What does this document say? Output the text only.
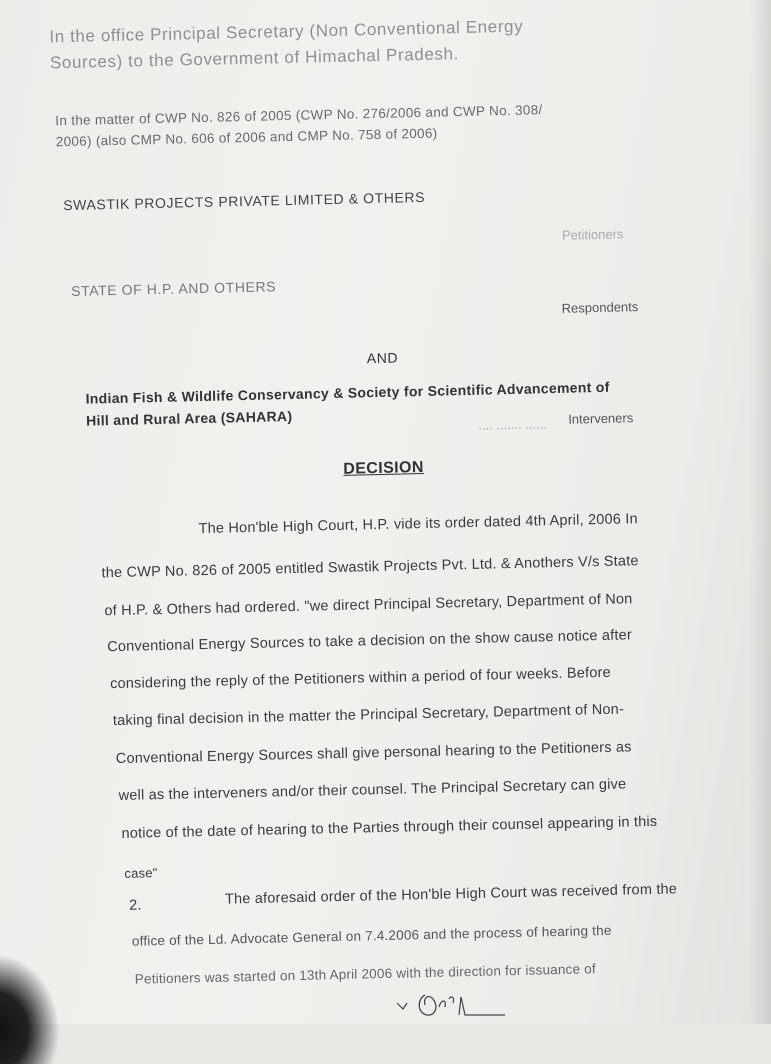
In the office Principal Secretary (Non Conventional Energy
Sources) to the Government of Himachal Pradesh.
In the matter of CWP No. 826 of 2005 (CWP No. 276/2006 and CWP No. 308/
2006) (also CMP No. 606 of 2006 and CMP No. 758 of 2006)
SWASTIK PROJECTS PRIVATE LIMITED & OTHERS
Petitioners
STATE OF H.P. AND OTHERS
Respondents
AND
Indian Fish & Wildlife Conservancy & Society for Scientific Advancement of
Hill and Rural Area (SAHARA)	.... ....... ...... Interveners
DECISION
The Hon'ble High Court, H.P. vide its order dated 4th April, 2006 In
the CWP No. 826 of 2005 entitled Swastik Projects Pvt. Ltd. & Anothers V/s State
of H.P. & Others had ordered. "we direct Principal Secretary, Department of Non
Conventional Energy Sources to take a decision on the show cause notice after
considering the reply of the Petitioners within a period of four weeks. Before
taking final decision in the matter the Principal Secretary, Department of Non-
Conventional Energy Sources shall give personal hearing to the Petitioners as
well as the interveners and/or their counsel. The Principal Secretary can give
notice of the date of hearing to the Parties through their counsel appearing in this
case"
2.	The aforesaid order of the Hon'ble High Court was received from the
office of the Ld. Advocate General on 7.4.2006 and the process of hearing the
Petitioners was started on 13th April 2006 with the direction for issuance of
